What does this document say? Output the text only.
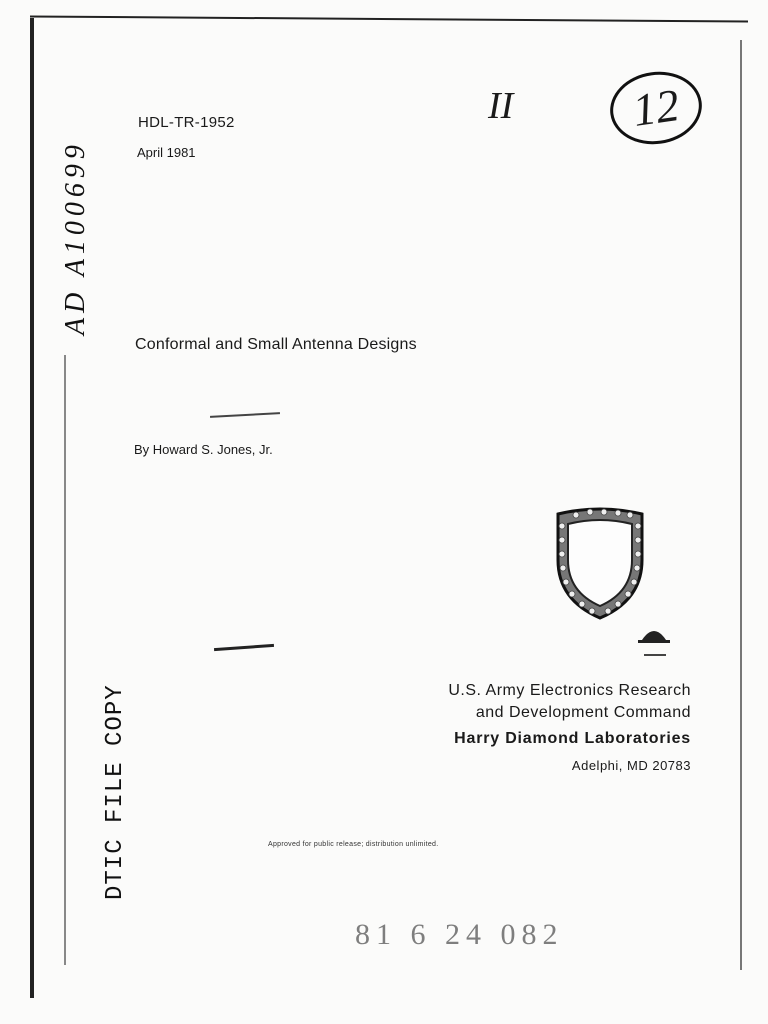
AD A100699
DTIC FILE COPY
II	12
HDL-TR-1952
April 1981
Conformal and Small Antenna Designs
By Howard S. Jones, Jr.
U.S. Army Electronics Research
and Development Command
Harry Diamond Laboratories
Adelphi, MD 20783
Approved for public release; distribution unlimited.
81 6 24 082
